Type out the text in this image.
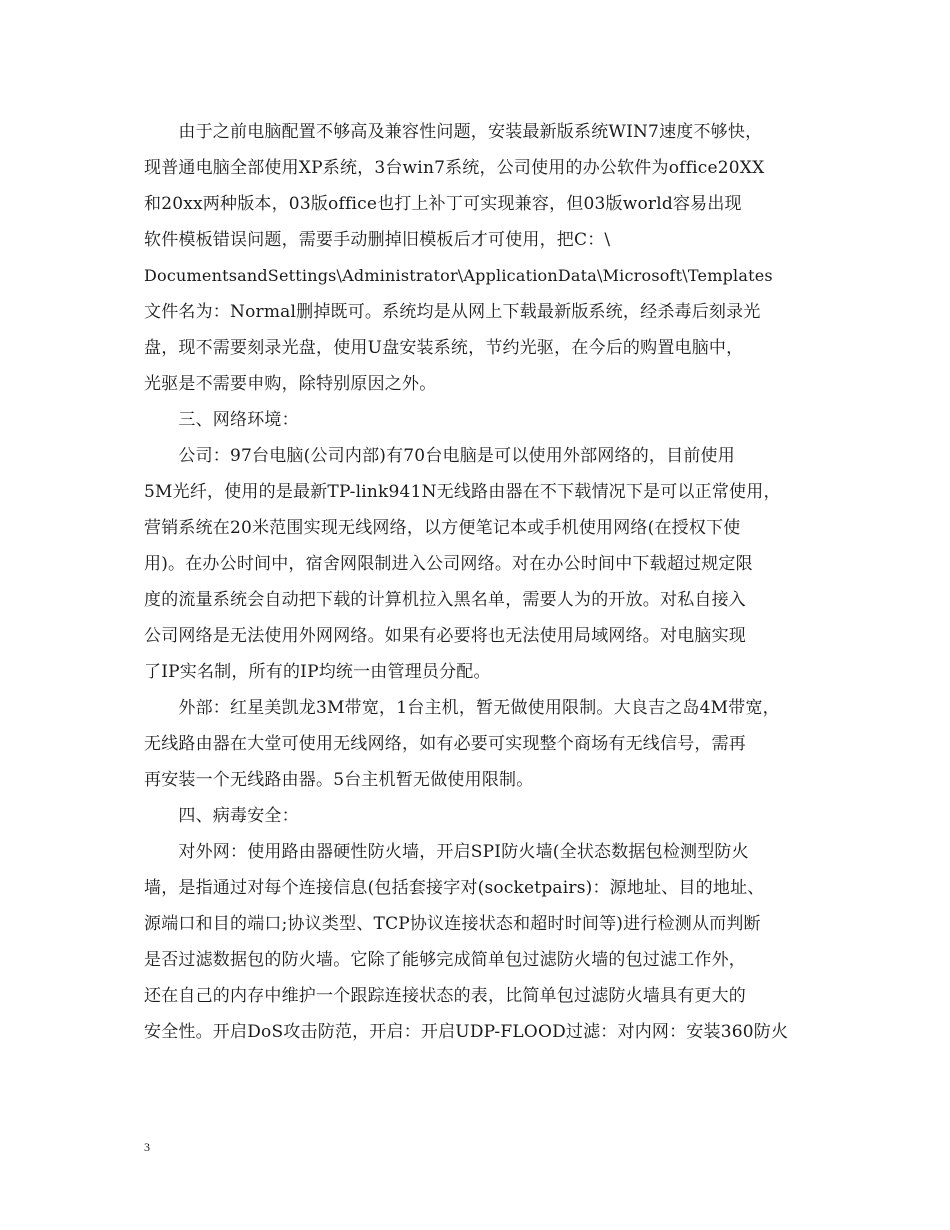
　　由于之前电脑配置不够高及兼容性问题，安装最新版系统WIN7速度不够快，
现普通电脑全部使用XP系统，3台win7系统，公司使用的办公软件为office20XX
和20xx两种版本，03版office也打上补丁可实现兼容，但03版world容易出现
软件模板错误问题，需要手动删掉旧模板后才可使用，把C：\
DocumentsandSettings\Administrator\ApplicationData\Microsoft\Templates
文件名为：Normal删掉既可。系统均是从网上下载最新版系统，经杀毒后刻录光
盘，现不需要刻录光盘，使用U盘安装系统，节约光驱，在今后的购置电脑中，
光驱是不需要申购，除特别原因之外。
　　三、网络环境：
　　公司：97台电脑(公司内部)有70台电脑是可以使用外部网络的，目前使用
5M光纤，使用的是最新TP-link941N无线路由器在不下载情况下是可以正常使用，
营销系统在20米范围实现无线网络，以方便笔记本或手机使用网络(在授权下使
用)。在办公时间中，宿舍网限制进入公司网络。对在办公时间中下载超过规定限
度的流量系统会自动把下载的计算机拉入黑名单，需要人为的开放。对私自接入
公司网络是无法使用外网网络。如果有必要将也无法使用局域网络。对电脑实现
了IP实名制，所有的IP均统一由管理员分配。
　　外部：红星美凯龙3M带宽，1台主机，暂无做使用限制。大良吉之岛4M带宽，
无线路由器在大堂可使用无线网络，如有必要可实现整个商场有无线信号，需再
再安装一个无线路由器。5台主机暂无做使用限制。
　　四、病毒安全：
　　对外网：使用路由器硬性防火墙，开启SPI防火墙(全状态数据包检测型防火
墙，是指通过对每个连接信息(包括套接字对(socketpairs)：源地址、目的地址、
源端口和目的端口;协议类型、TCP协议连接状态和超时时间等)进行检测从而判断
是否过滤数据包的防火墙。它除了能够完成简单包过滤防火墙的包过滤工作外，
还在自己的内存中维护一个跟踪连接状态的表，比简单包过滤防火墙具有更大的
安全性。开启DoS攻击防范，开启：开启UDP-FLOOD过滤：对内网：安装360防火
3
